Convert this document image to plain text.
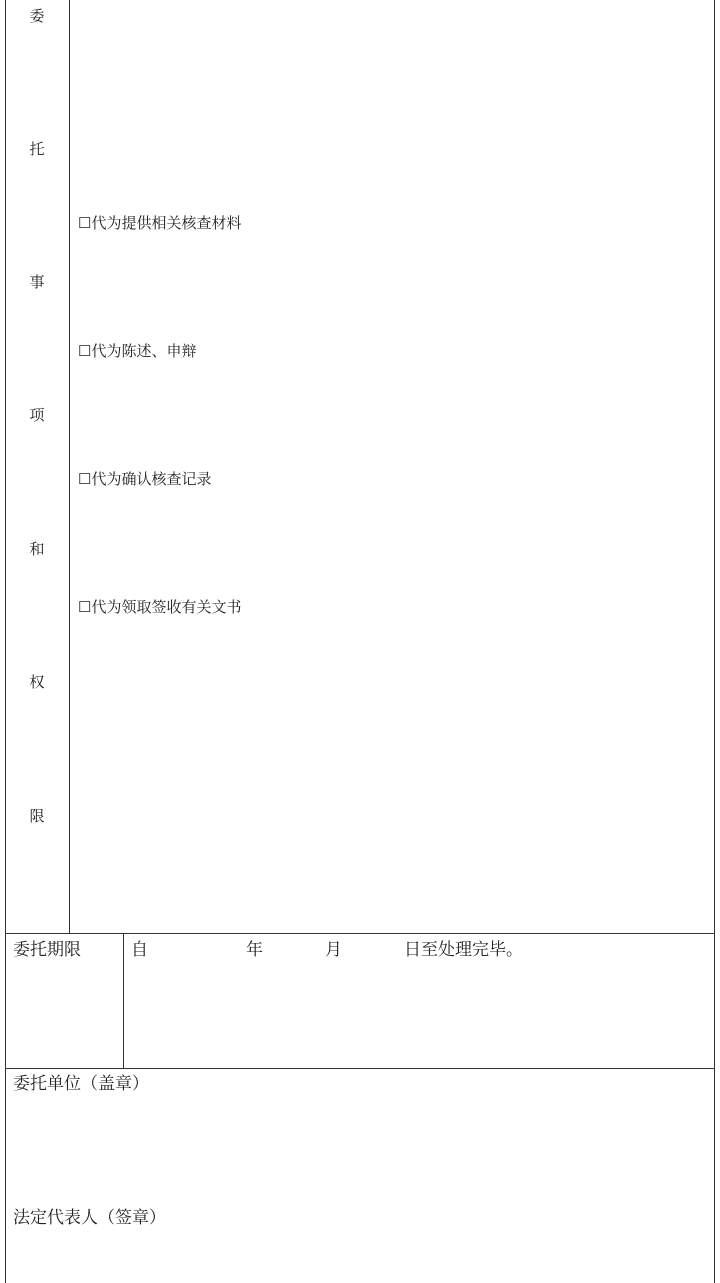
委
托
事
项
和
权
限
☐代为提供相关核查材料
☐代为陈述、申辩
☐代为确认核查记录
☐代为领取签收有关文书
委托期限	自	年	月	日至处理完毕。
委托单位（盖章）
法定代表人（签章）
